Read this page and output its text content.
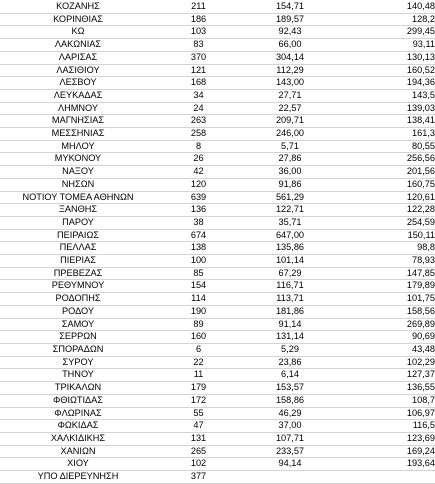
ΚΟΖΑΝΗΣ	211	154,71	140,48
ΚΟΡΙΝΘΙΑΣ	186	189,57	128,2
ΚΩ	103	92,43	299,45
ΛΑΚΩΝΙΑΣ	83	66,00	93,11
ΛΑΡΙΣΑΣ	370	304,14	130,13
ΛΑΣΙΘΙΟΥ	121	112,29	160,52
ΛΕΣΒΟΥ	168	143,00	194,36
ΛΕΥΚΑΔΑΣ	34	27,71	143,5
ΛΗΜΝΟΥ	24	22,57	139,03
ΜΑΓΝΗΣΙΑΣ	263	209,71	138,41
ΜΕΣΣΗΝΙΑΣ	258	246,00	161,3
ΜΗΛΟΥ	8	5,71	80,55
ΜΥΚΟΝΟΥ	26	27,86	256,56
ΝΑΞΟΥ	42	36,00	201,56
ΝΗΣΩΝ	120	91,86	160,75
ΝΟΤΙΟΥ ΤΟΜΕΑ ΑΘΗΝΩΝ	639	561,29	120,61
ΞΑΝΘΗΣ	136	122,71	122,28
ΠΑΡΟΥ	38	35,71	254,59
ΠΕΙΡΑΙΩΣ	674	647,00	150,11
ΠΕΛΛΑΣ	138	135,86	98,8
ΠΙΕΡΙΑΣ	100	101,14	78,93
ΠΡΕΒΕΖΑΣ	85	67,29	147,85
ΡΕΘΥΜΝΟΥ	154	116,71	179,89
ΡΟΔΟΠΗΣ	114	113,71	101,75
ΡΟΔΟΥ	190	181,86	158,56
ΣΑΜΟΥ	89	91,14	269,89
ΣΕΡΡΩΝ	160	131,14	90,69
ΣΠΟΡΑΔΩΝ	6	5,29	43,48
ΣΥΡΟΥ	22	23,86	102,29
ΤΗΝΟΥ	11	6,14	127,37
ΤΡΙΚΑΛΩΝ	179	153,57	136,55
ΦΘΙΩΤΙΔΑΣ	172	158,86	108,7
ΦΛΩΡΙΝΑΣ	55	46,29	106,97
ΦΩΚΙΔΑΣ	47	37,00	116,5
ΧΑΛΚΙΔΙΚΗΣ	131	107,71	123,69
ΧΑΝΙΩΝ	265	233,57	169,24
ΧΙΟΥ	102	94,14	193,64
ΥΠΟ ΔΙΕΡΕΥΝΗΣΗ	377		
